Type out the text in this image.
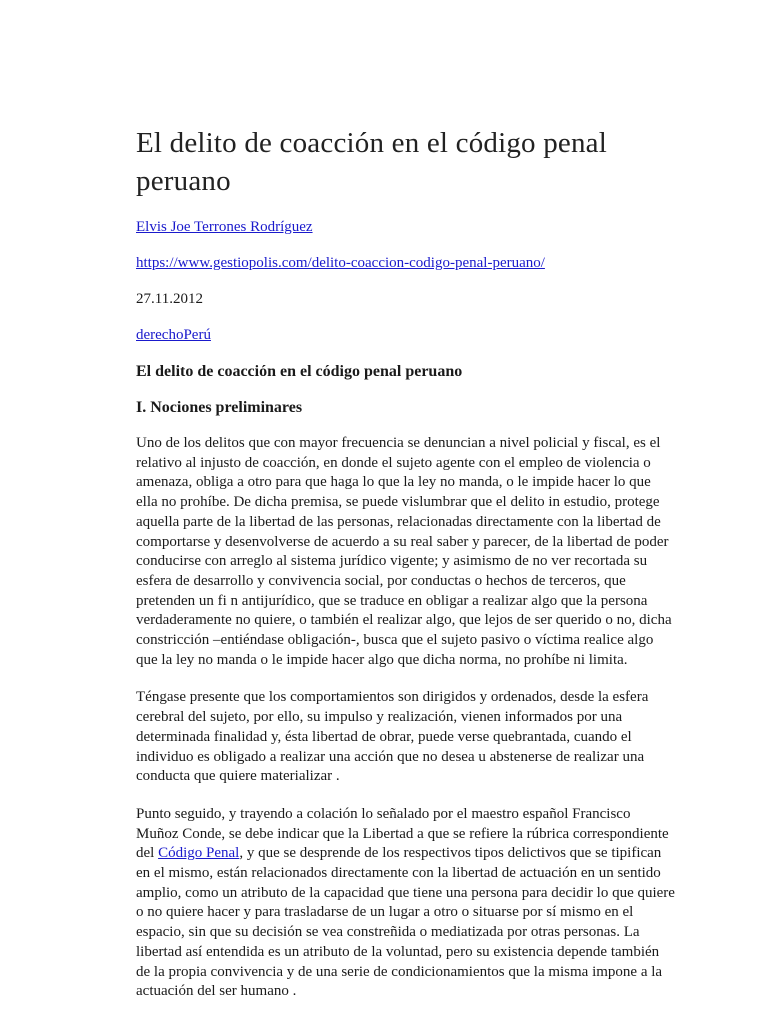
El delito de coacción en el código penal peruano

Elvis Joe Terrones Rodríguez

https://www.gestiopolis.com/delito-coaccion-codigo-penal-peruano/

27.11.2012

derechoPerú

El delito de coacción en el código penal peruano
I. Nociones preliminares

Uno de los delitos que con mayor frecuencia se denuncian a nivel policial y fiscal, es el relativo al injusto de coacción, en donde el sujeto agente con el empleo de violencia o amenaza, obliga a otro para que haga lo que la ley no manda, o le impide hacer lo que ella no prohíbe. De dicha premisa, se puede vislumbrar que el delito in estudio, protege aquella parte de la libertad de las personas, relacionadas directamente con la libertad de comportarse y desenvolverse de acuerdo a su real saber y parecer, de la libertad de poder conducirse con arreglo al sistema jurídico vigente; y asimismo de no ver recortada su esfera de desarrollo y convivencia social, por conductas o hechos de terceros, que pretenden un fi n antijurídico, que se traduce en obligar a realizar algo que la persona verdaderamente no quiere, o también el realizar algo, que lejos de ser querido o no, dicha constricción –entiéndase obligación-, busca que el sujeto pasivo o víctima realice algo que la ley no manda o le impide hacer algo que dicha norma, no prohíbe ni limita.

Téngase presente que los comportamientos son dirigidos y ordenados, desde la esfera cerebral del sujeto, por ello, su impulso y realización, vienen informados por una determinada finalidad y, ésta libertad de obrar, puede verse quebrantada, cuando el individuo es obligado a realizar una acción que no desea u abstenerse de realizar una conducta que quiere materializar .

Punto seguido, y trayendo a colación lo señalado por el maestro español Francisco Muñoz Conde, se debe indicar que la Libertad a que se refiere la rúbrica correspondiente del Código Penal, y que se desprende de los respectivos tipos delictivos que se tipifican en el mismo, están relacionados directamente con la libertad de actuación en un sentido amplio, como un atributo de la capacidad que tiene una persona para decidir lo que quiere o no quiere hacer y para trasladarse de un lugar a otro o situarse por sí mismo en el espacio, sin que su decisión se vea constreñida o mediatizada por otras personas. La libertad así entendida es un atributo de la voluntad, pero su existencia depende también de la propia convivencia y de una serie de condicionamientos que la misma impone a la actuación del ser humano .
